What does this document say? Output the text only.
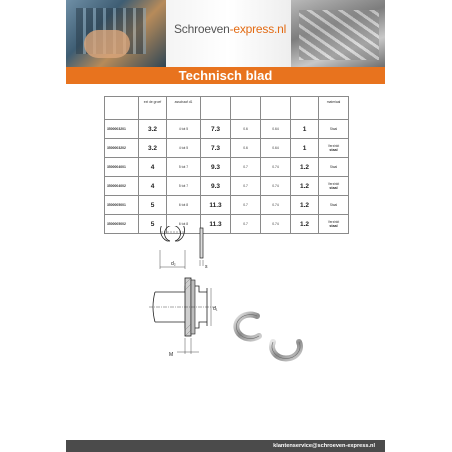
Schroeven-express.nl
Technisch blad
	ext de groef	asschaaf d1					materiaal
3500003201	3.2	4 tot 5	7.3	0.6	0.64	1	Staal

3500003202	3.2	4 tot 5	7.3	0.6	0.64	1	Verzinkt
staal
3500004001	4	5 tot 7	9.3	0.7	0.74	1.2	Staal

3500004002	4	5 tot 7	9.3	0.7	0.74	1.2	Verzinkt
staal
3500005001	5	6 tot 8	11.3	0.7	0.74	1.2	Staal

3500005002	5	6 tot 8	11.3	0.7	0.74	1.2	Verzinkt
staal
d₂	s
d₁
M
klantenservice@schroeven-express.nl
